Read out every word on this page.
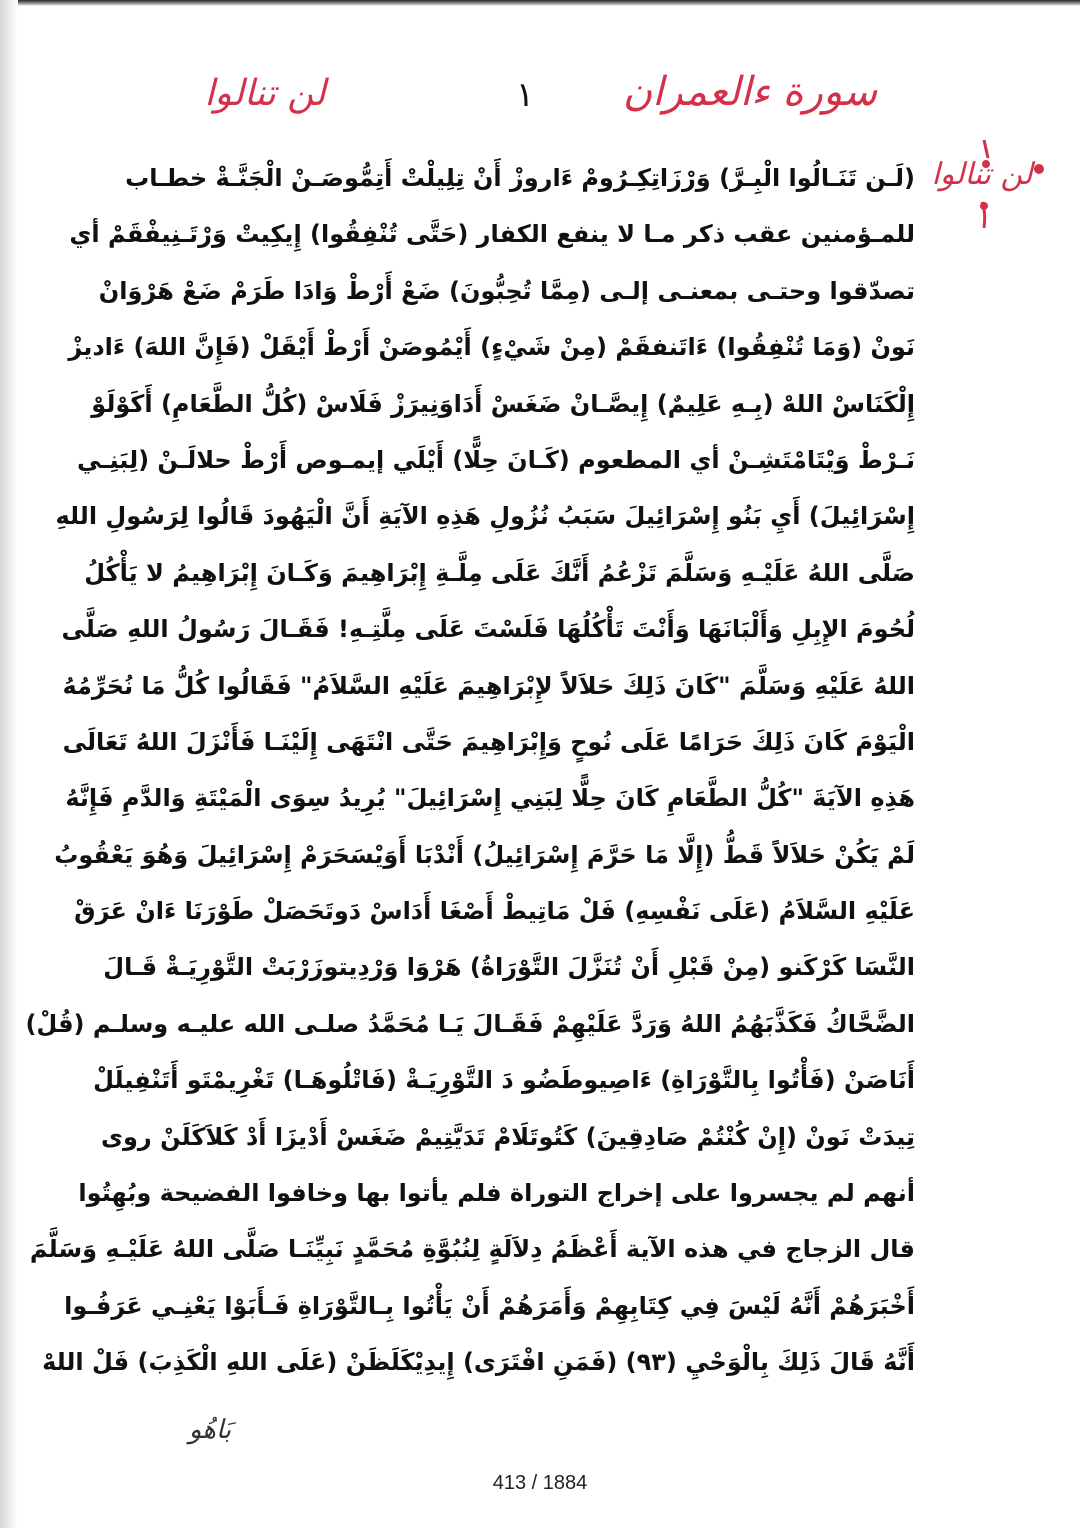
سورة ءالعمران
١
لن تنالوا
لن تنالوا
(لَـن تَنَـالُوا الْبِـرَّ) وَرْزَاتِكِـرُومْ ءَاروزْ أَنْ تِلِيلْتْ أَتِمُّوصَـنْ الْجَنَّـةْ خطـاب
للمـؤمنين عقب ذكر مـا لا ينفع الكفار (حَتَّى تُنْفِقُوا) إِيكِيتْ وَرْتَـنِيفْقَمْ أي
تصدّقوا وحتـى بمعنـى إلـى (مِمَّا تُحِبُّونَ) ضَعْ أَرْطْ وَادَا طَرَمْ ضَعْ هَرْوَانْ
نَونْ (وَمَا تُنْفِقُوا) ءَاتَنفقَمْ (مِنْ شَيْءٍ) أَيْمُوصَنْ أَرْطْ أَيْقَلْ (فَإِنَّ اللهَ) ءَاديزْ
إِلْكَنَاسْ اللهْ (بِـهِ عَلِيمٌ) إِيصَّـانْ ضَغَسْ أَدَاوَنِيرَزْ فَلَاسْ (كُلُّ الطَّعَامِ) أَكَوْلَوْ
نَـرْطْ وَيْتَامْتَشِـنْ أي المطعوم (كَـانَ حِلًّا) أَيْلَي إيمـوص أَرْطْ حلالَـنْ (لِبَنِـي
إِسْرَائِيلَ) أَيِ بَنُو إِسْرَائِيلَ سَبَبُ نُزُولِ هَذِهِ الآيَةِ أَنَّ الْيَهُودَ قَالُوا لِرَسُولِ اللهِ
صَلَّى اللهُ عَلَيْـهِ وَسَلَّمَ تَزْعُمُ أَنَّكَ عَلَى مِلَّـةِ إِبْرَاهِيمَ وَكَـانَ إِبْرَاهِيمُ لا يَأْكُلُ
لُحُومَ الإِبِلِ وَأَلْبَانَهَا وَأَنْتَ تَأْكُلُهَا فَلَسْتَ عَلَى مِلَّتِـهِ! فَقَـالَ رَسُولُ اللهِ صَلَّى
اللهُ عَلَيْهِ وَسَلَّمَ "كَانَ ذَلِكَ حَلاَلاً لإِبْرَاهِيمَ عَلَيْهِ السَّلاَمُ" فَقَالُوا كُلُّ مَا نُحَرِّمُهُ
الْيَوْمَ كَانَ ذَلِكَ حَرَامًا عَلَى نُوحٍ وَإِبْرَاهِيمَ حَتَّى انْتَهَى إِلَيْنَـا فَأَنْزَلَ اللهُ تَعَالَى
هَذِهِ الآيَةَ "كُلُّ الطَّعَامِ كَانَ حِلًّا لِبَنِي إِسْرَائِيلَ" يُرِيدُ سِوَى الْمَيْتَةِ وَالدَّمِ فَإِنَّهُ
لَمْ يَكُنْ حَلاَلاً قَطُّ (إِلَّا مَا حَرَّمَ إِسْرَائِيلُ) أَنْدْبَا أَوَيْسَحَرَمْ إِسْرَائِيلَ وَهُوَ يَعْقُوبُ
عَلَيْهِ السَّلاَمُ (عَلَى نَفْسِهِ) فَلْ مَاتِيطْ أَصْغَا أَدَاسْ دَوتَحَصَلْ طَوْرَنَا ءَانْ عَرَقْ
النَّسَا كَرْكَنو (مِنْ قَبْلِ أَنْ تُنَزَّلَ التَّوْرَاةُ) هَرْوَا وَرْدِيتوزَرْبَتْ التَّوْرِيَـةْ قَـالَ
الضَّحَّاكُ فَكَذَّبَهُمُ اللهُ وَرَدَّ عَلَيْهِمْ فَقَـالَ يَـا مُحَمَّدُ صلـى الله عليـه وسلـم (قُلْ)
أَنَاصَنْ (فَأْتُوا بِالتَّوْرَاةِ) ءَاصِيوطَضُو دَ التَّوْرِيَـةْ (فَاتْلُوهَـا) تَغْرِيمْتَو أَتَنْفِيلَلْ
تِيدَتْ نَونْ (إِنْ كُنْتُمْ صَادِقِينَ) كَتُوتَلَامْ تَدَيَّتِيمْ ضَغَسْ أَدْيزَا أَدْ كَلاَكَلَنْ روى
أنهم لم يجسروا على إخراج التوراة فلم يأتوا بها وخافوا الفضيحة وبُهِتُوا
قال الزجاج في هذه الآية أَعْظَمُ دِلاَلَةٍ لِنُبُوَّةِ مُحَمَّدٍ نَبِيِّنَـا صَلَّى اللهُ عَلَيْـهِ وَسَلَّمَ
أَخْبَرَهُمْ أَنَّهُ لَيْسَ فِي كِتَابِهِمْ وَأَمَرَهُمْ أَنْ يَأْتُوا بِـالتَّوْرَاةِ فَـأَبَوْا يَعْنِـي عَرَفُـوا
أَنَّهُ قَالَ ذَلِكَ بِالْوَحْيِ (٩٣) (فَمَنِ افْتَرَى) إِيدِيْكَلَظَنْ (عَلَى اللهِ الْكَذِبَ) فَلْ اللهْ
بَاهُو
413 / 1884
